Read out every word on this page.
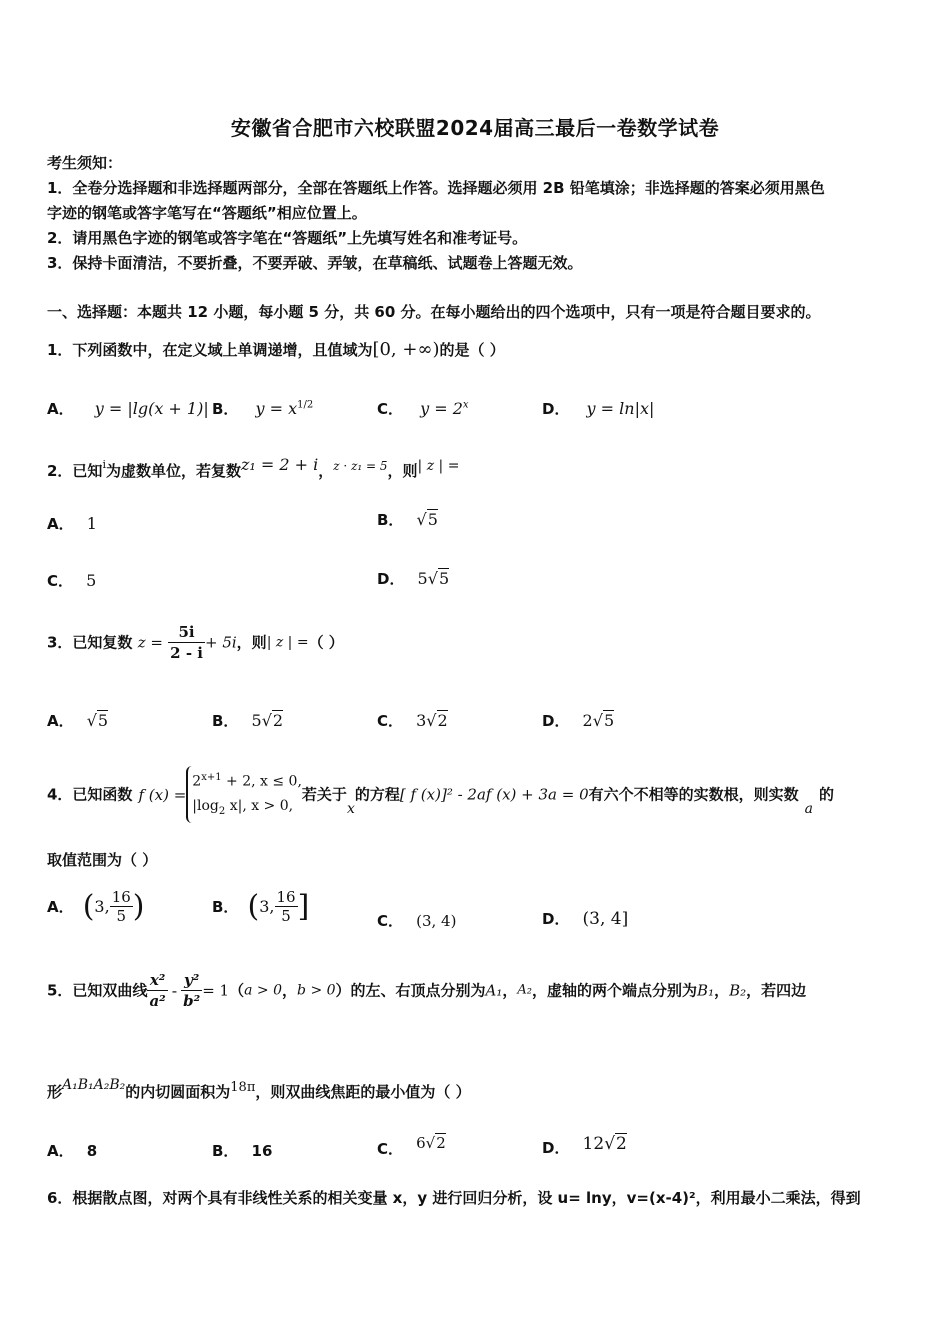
安徽省合肥市六校联盟2024届高三最后一卷数学试卷
考生须知：
1．全卷分选择题和非选择题两部分，全部在答题纸上作答。选择题必须用 2B 铅笔填涂；非选择题的答案必须用黑色
字迹的钢笔或答字笔写在“答题纸”相应位置上。
2．请用黑色字迹的钢笔或答字笔在“答题纸”上先填写姓名和准考证号。
3．保持卡面清洁，不要折叠，不要弄破、弄皱，在草稿纸、试题卷上答题无效。
一、选择题：本题共 12 小题，每小题 5 分，共 60 分。在每小题给出的四个选项中，只有一项是符合题目要求的。
1．下列函数中，在定义域上单调递增，且值域为[0, +∞)的是（ ）
A． y = |lg(x + 1)| B． $y = x^{1/2}$	C． $y = 2^x$	D． y = ln|x|
2．已知$^i$为虚数单位，若复数z₁ = 2 + i，$^{z \cdot z_1 = 5}$，则| z | =
A． 1	B． √5
C． 5	D． 5√5
3．已知复数 $z = \frac{5i}{2 - i} + 5i$，则| z | =（ ）
A． √5	B． 5√2	C． 3√2	D． 2√5
4．已知函数 f (x) =
$2^{x+1} + 2$, x ≤ 0,
$|\log_2$ x|, x > 0,
若关于x的方程[ f (x)]² - 2af (x) + 3a = 0有六个不相等的实数根，则实数a的
取值范围为（ ）
A． (3, $\frac{16}{5}$ )	B． (3, $\frac{16}{5}$ ]	C． (3, 4)	D． (3, 4]
5．已知双曲线 $\frac{\text{x²}}{\text{a²}} - \frac{\text{y²}}{\text{b²}} = 1(a > 0$，b > 0）的左、右顶点分别为A₁，A₂，虚轴的两个端点分别为B₁，B₂，若四边
形A₁B₁A₂B₂的内切圆面积为18π，则双曲线焦距的最小值为（ ）
A． 8	B． 16	C． 6√2	D． 12√2
6．根据散点图，对两个具有非线性关系的相关变量 x，y 进行回归分析，设 u= lny，v=(x-4)²，利用最小二乘法，得到
